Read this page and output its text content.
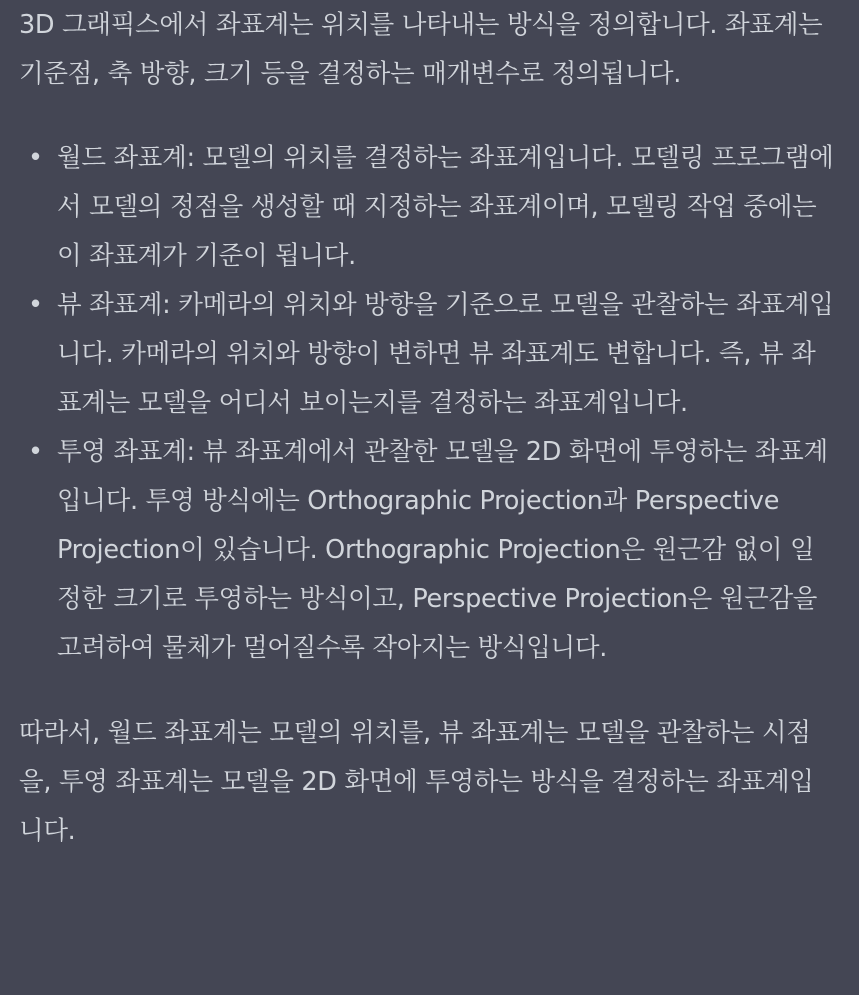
3D 그래픽스에서 좌표계는 위치를 나타내는 방식을 정의합니다. 좌표계는 기준점, 축 방향, 크기 등을 결정하는 매개변수로 정의됩니다.

• 월드 좌표계: 모델의 위치를 결정하는 좌표계입니다. 모델링 프로그램에서 모델의 정점을 생성할 때 지정하는 좌표계이며, 모델링 작업 중에는 이 좌표계가 기준이 됩니다.
• 뷰 좌표계: 카메라의 위치와 방향을 기준으로 모델을 관찰하는 좌표계입니다. 카메라의 위치와 방향이 변하면 뷰 좌표계도 변합니다. 즉, 뷰 좌표계는 모델을 어디서 보이는지를 결정하는 좌표계입니다.
• 투영 좌표계: 뷰 좌표계에서 관찰한 모델을 2D 화면에 투영하는 좌표계입니다. 투영 방식에는 Orthographic Projection과 Perspective Projection이 있습니다. Orthographic Projection은 원근감 없이 일정한 크기로 투영하는 방식이고, Perspective Projection은 원근감을 고려하여 물체가 멀어질수록 작아지는 방식입니다.

따라서, 월드 좌표계는 모델의 위치를, 뷰 좌표계는 모델을 관찰하는 시점을, 투영 좌표계는 모델을 2D 화면에 투영하는 방식을 결정하는 좌표계입니다.
